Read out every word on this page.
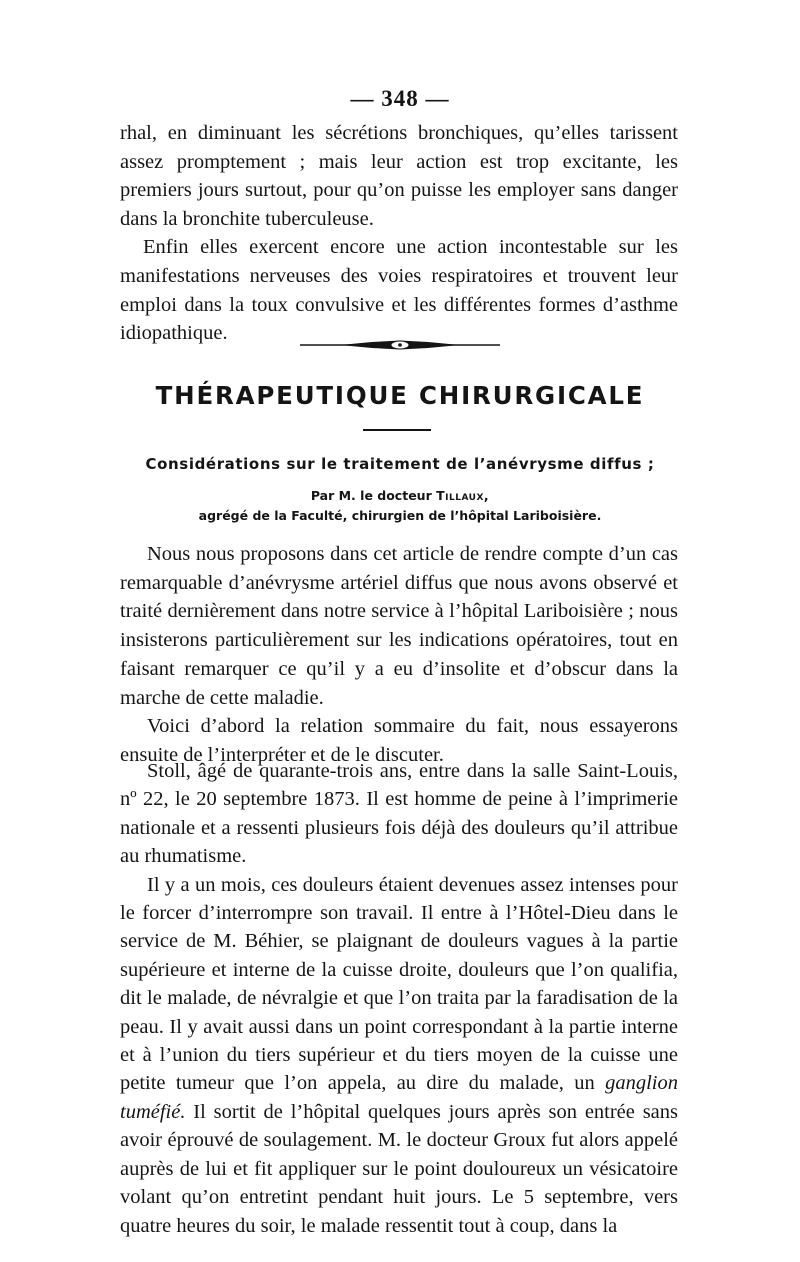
— 348 —

rhal, en diminuant les sécrétions bronchiques, qu’elles tarissent assez promptement ; mais leur action est trop excitante, les premiers jours surtout, pour qu’on puisse les employer sans danger dans la bronchite tuberculeuse.

Enfin elles exercent encore une action incontestable sur les manifestations nerveuses des voies respiratoires et trouvent leur emploi dans la toux convulsive et les différentes formes d’asthme idiopathique.

THÉRAPEUTIQUE CHIRURGICALE
Considérations sur le traitement de l’anévrysme diffus ;
Par M. le docteur Tillaux,
agrégé de la Faculté, chirurgien de l’hôpital Lariboisière.

Nous nous proposons dans cet article de rendre compte d’un cas remarquable d’anévrysme artériel diffus que nous avons observé et traité dernièrement dans notre service à l’hôpital Lariboisière ; nous insisterons particulièrement sur les indications opératoires, tout en faisant remarquer ce qu’il y a eu d’insolite et d’obscur dans la marche de cette maladie.

Voici d’abord la relation sommaire du fait, nous essayerons ensuite de l’interpréter et de le discuter.

Stoll, âgé de quarante-trois ans, entre dans la salle Saint-Louis, nº 22, le 20 septembre 1873. Il est homme de peine à l’imprimerie nationale et a ressenti plusieurs fois déjà des douleurs qu’il attribue au rhumatisme.

Il y a un mois, ces douleurs étaient devenues assez intenses pour le forcer d’interrompre son travail. Il entre à l’Hôtel-Dieu dans le service de M. Béhier, se plaignant de douleurs vagues à la partie supérieure et interne de la cuisse droite, douleurs que l’on qualifia, dit le malade, de névralgie et que l’on traita par la faradisation de la peau. Il y avait aussi dans un point correspondant à la partie interne et à l’union du tiers supérieur et du tiers moyen de la cuisse une petite tumeur que l’on appela, au dire du malade, un ganglion tuméfié. Il sortit de l’hôpital quelques jours après son entrée sans avoir éprouvé de soulagement. M. le docteur Groux fut alors appelé auprès de lui et fit appliquer sur le point douloureux un vésicatoire volant qu’on entretint pendant huit jours. Le 5 septembre, vers quatre heures du soir, le malade ressentit tout à coup, dans la
